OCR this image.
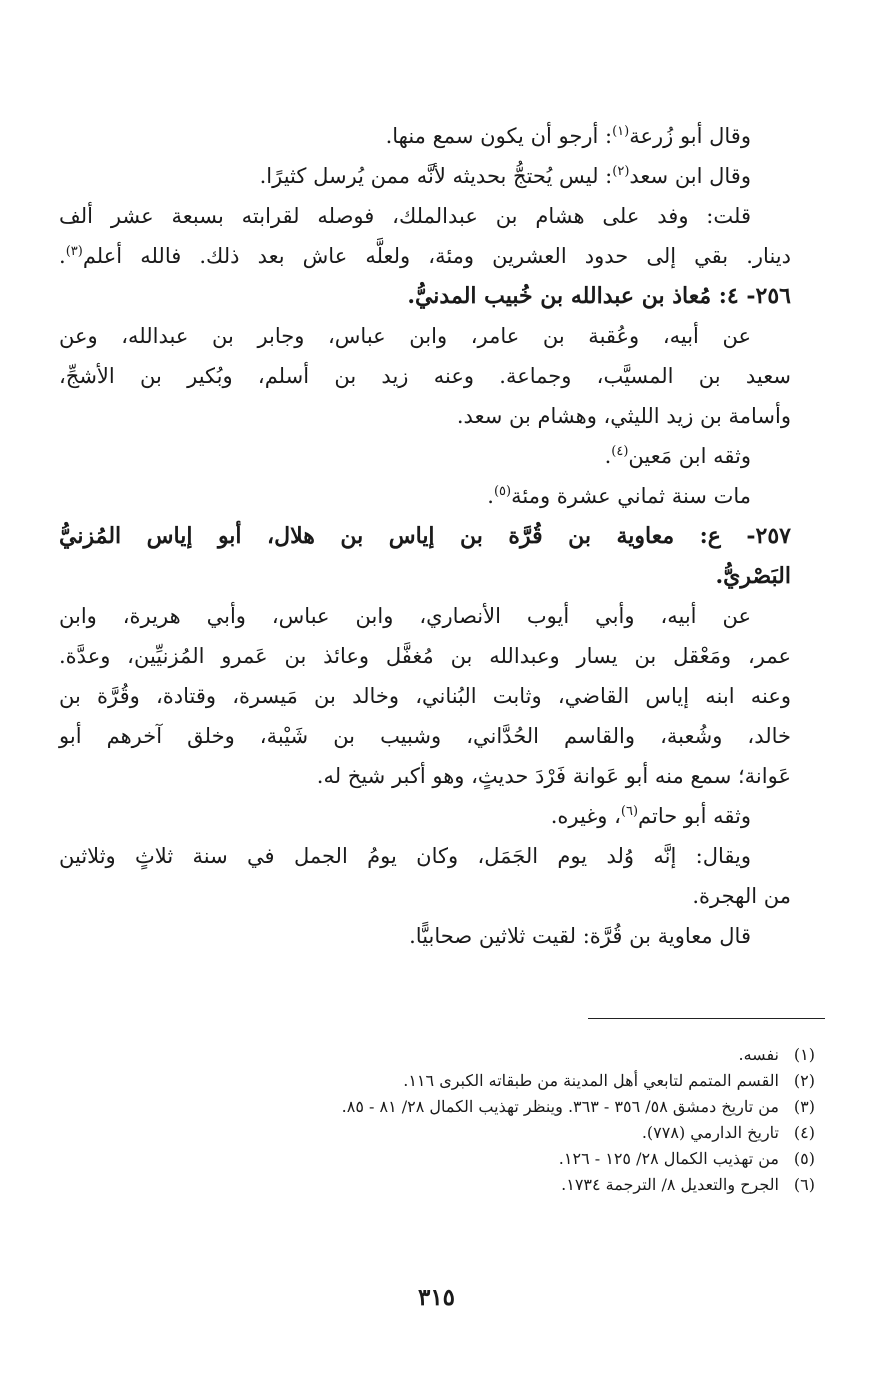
وقال أبو زُرعة$^{(١)}$: أرجو أن يكون سمع منها.

وقال ابن سعد$^{(٢)}$: ليس يُحتجُّ بحديثه لأنَّه ممن يُرسل كثيرًا.

قلت: وفد على هشام بن عبدالملك، فوصله لقرابته بسبعة عشر ألف

دينار. بقي إلى حدود العشرين ومئة، ولعلَّه عاش بعد ذلك. فالله أعلم$^{(٣)}$.

٢٥٦- ٤: مُعاذ بن عبدالله بن خُبيب المدنيُّ.

عن أبيه، وعُقبة بن عامر، وابن عباس، وجابر بن عبدالله، وعن

سعيد بن المسيَّب، وجماعة. وعنه زيد بن أسلم، وبُكير بن الأشجِّ،

وأسامة بن زيد الليثي، وهشام بن سعد.

وثقه ابن مَعين$^{(٤)}$.

مات سنة ثماني عشرة ومئة$^{(٥)}$.

٢٥٧- ع: معاوية بن قُرَّة بن إياس بن هلال، أبو إياس المُزنيُّ

البَصْريُّ.

عن أبيه، وأبي أيوب الأنصاري، وابن عباس، وأبي هريرة، وابن

عمر، ومَعْقل بن يسار وعبدالله بن مُغفَّل وعائذ بن عَمرو المُزنيِّين، وعدَّة.

وعنه ابنه إياس القاضي، وثابت البُناني، وخالد بن مَيسرة، وقتادة، وقُرَّة بن

خالد، وشُعبة، والقاسم الحُدَّاني، وشبيب بن شَيْبة، وخلق آخرهم أبو

عَوانة؛ سمع منه أبو عَوانة فَرْدَ حديثٍ، وهو أكبر شيخ له.

وثقه أبو حاتم$^{(٦)}$، وغيره.

ويقال: إنَّه وُلد يوم الجَمَل، وكان يومُ الجمل في سنة ثلاثٍ وثلاثين

من الهجرة.

قال معاوية بن قُرَّة: لقيت ثلاثين صحابيًّا.

(١)نفسه.

(٢)القسم المتمم لتابعي أهل المدينة من طبقاته الكبرى ١١٦.

(٣)من تاريخ دمشق ٥٨/ ٣٥٦ - ٣٦٣. وينظر تهذيب الكمال ٢٨/ ٨١ - ٨٥.

(٤)تاريخ الدارمي (٧٧٨).

(٥)من تهذيب الكمال ٢٨/ ١٢٥ - ١٢٦.

(٦)الجرح والتعديل ٨/ الترجمة ١٧٣٤.

٣١٥
